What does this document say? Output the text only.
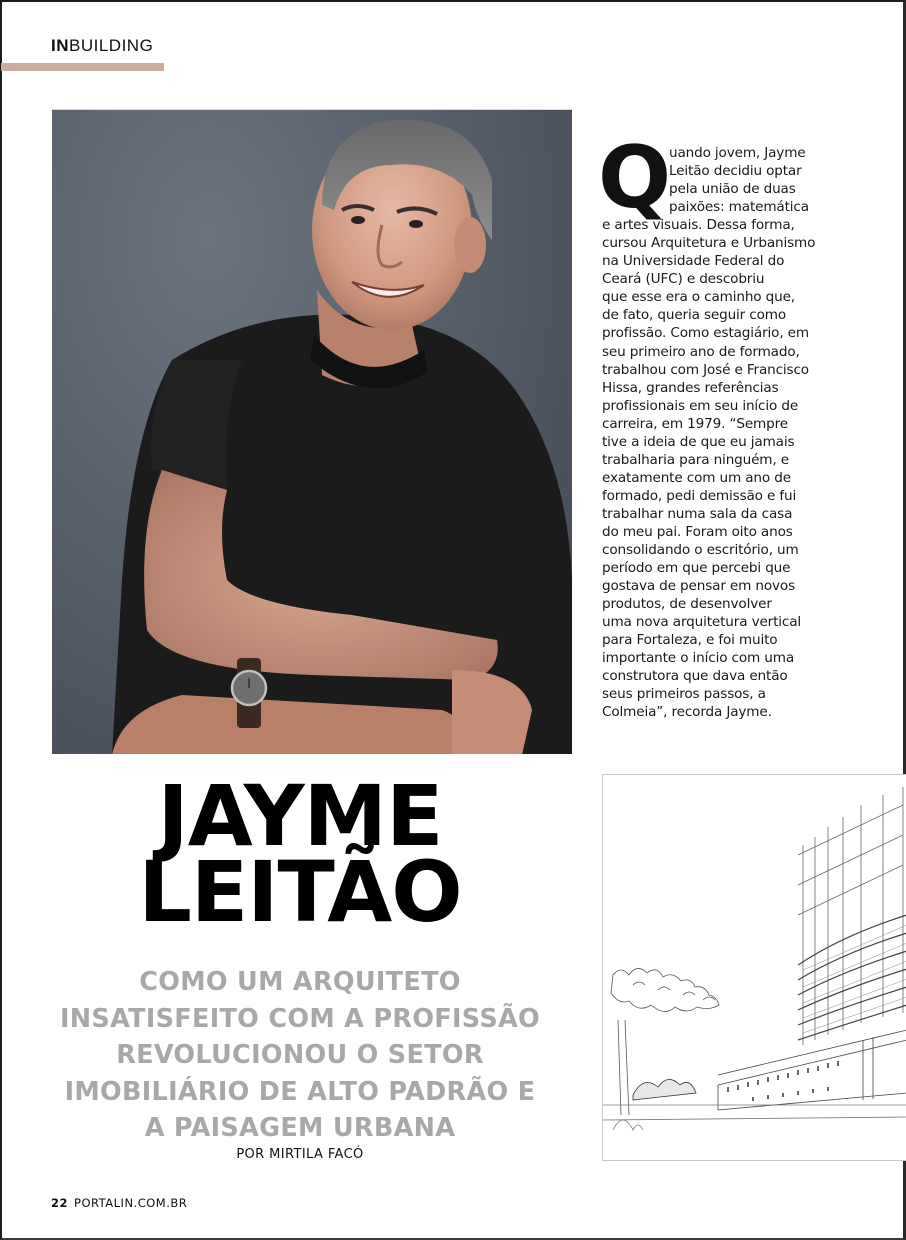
INBUILDING
Q
uando jovem, Jayme
Leitão decidiu optar
pela união de duas
paixões: matemática
e artes visuais. Dessa forma,
cursou Arquitetura e Urbanismo
na Universidade Federal do
Ceará (UFC) e descobriu
que esse era o caminho que,
de fato, queria seguir como
profissão. Como estagiário, em
seu primeiro ano de formado,
trabalhou com José e Francisco
Hissa, grandes referências
profissionais em seu início de
carreira, em 1979. “Sempre
tive a ideia de que eu jamais
trabalharia para ninguém, e
exatamente com um ano de
formado, pedi demissão e fui
trabalhar numa sala da casa
do meu pai. Foram oito anos
consolidando o escritório, um
período em que percebi que
gostava de pensar em novos
produtos, de desenvolver
uma nova arquitetura vertical
para Fortaleza, e foi muito
importante o início com uma
construtora que dava então
seus primeiros passos, a
Colmeia”, recorda Jayme.
JAYME
LEITÃO
COMO UM ARQUITETO
INSATISFEITO COM A PROFISSÃO
REVOLUCIONOU O SETOR
IMOBILIÁRIO DE ALTO PADRÃO E
A PAISAGEM URBANA
POR MIRTILA FACÓ
22 PORTALIN.COM.BR
